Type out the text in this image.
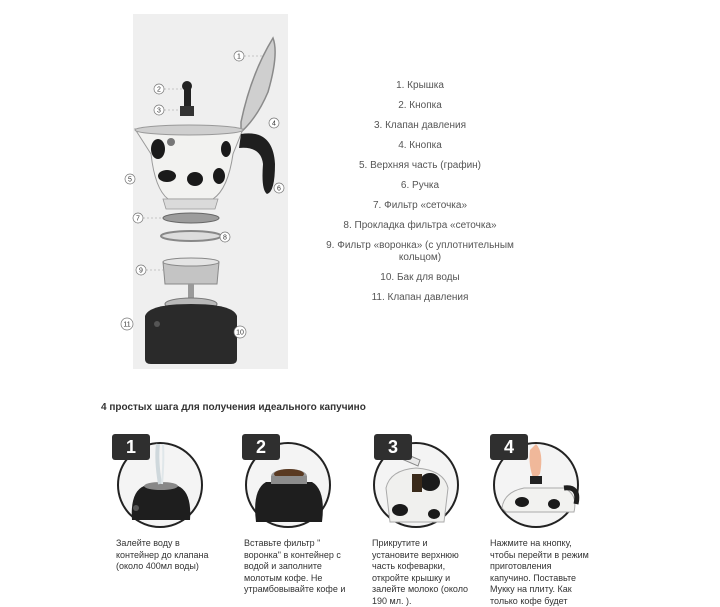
1
2
3
4
5
6
7
8
9
10
11
1. Крышка
2. Кнопка
3. Клапан давления
4. Кнопка
5. Верхняя часть (графин)
6. Ручка
7. Фильтр «сеточка»
8. Прокладка фильтра «сеточка»
9. Фильтр «воронка» (с уплотнительным кольцом)
10. Бак для воды
11. Клапан давления
4 простых шага для получения идеального капучино
1
Залейте воду в контейнер до клапана (около 400мл воды)
2
Вставьте фильтр " воронка" в контейнер с водой и заполните молотым кофе. Не утрамбовывайте кофе и
3
Прикрутите и установите верхнюю часть кофеварки, откройте крышку и залейте молоко (около 190 мл. ).
4
Нажмите на кнопку, чтобы перейти в режим приготовления капучино. Поставьте Мукку на плиту. Как только кофе будет
